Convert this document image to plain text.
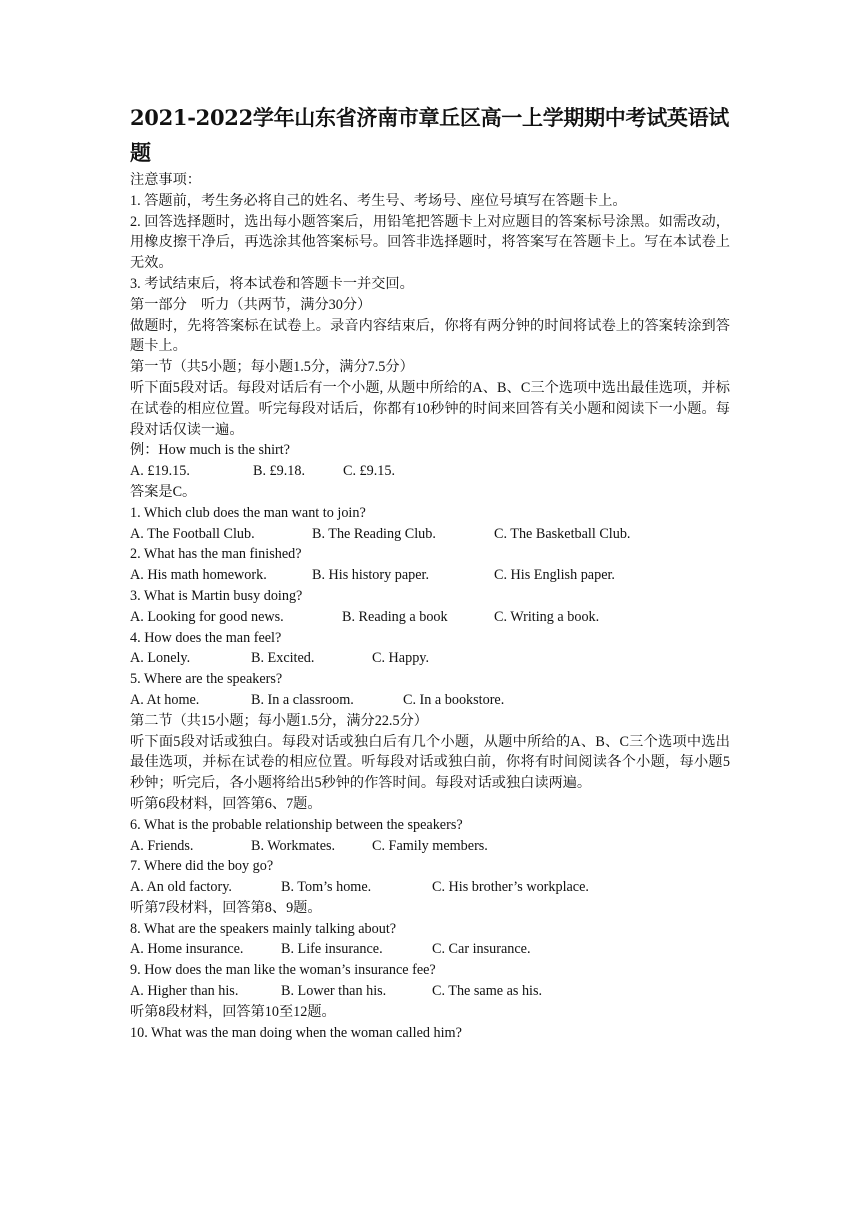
2021-2022学年山东省济南市章丘区高一上学期期中考试英语试题
注意事项：
1. 答题前，考生务必将自己的姓名、考生号、考场号、座位号填写在答题卡上。
2. 回答选择题时，选出每小题答案后，用铅笔把答题卡上对应题目的答案标号涂黑。如需改动，用橡皮擦干净后，再选涂其他答案标号。回答非选择题时，将答案写在答题卡上。写在本试卷上无效。
3. 考试结束后，将本试卷和答题卡一并交回。
第一部分　听力（共两节，满分30分）
做题时，先将答案标在试卷上。录音内容结束后，你将有两分钟的时间将试卷上的答案转涂到答题卡上。
第一节（共5小题；每小题1.5分，满分7.5分）
听下面5段对话。每段对话后有一个小题, 从题中所给的A、B、C三个选项中选出最佳选项，并标在试卷的相应位置。听完每段对话后，你都有10秒钟的时间来回答有关小题和阅读下一小题。每段对话仅读一遍。
例：How much is the shirt?
A. £19.15.	B. £9.18.	C. £9.15.
答案是C。
1. Which club does the man want to join?
A. The Football Club.	B. The Reading Club.	C. The Basketball Club.
2. What has the man finished?
A. His math homework.	B. His history paper.	C. His English paper.
3. What is Martin busy doing?
A. Looking for good news.	B. Reading a book	C. Writing a book.
4. How does the man feel?
A. Lonely.	B. Excited.	C. Happy.
5. Where are the speakers?
A. At home.	B. In a classroom.	C. In a bookstore.
第二节（共15小题；每小题1.5分，满分22.5分）
听下面5段对话或独白。每段对话或独白后有几个小题，从题中所给的A、B、C三个选项中选出最佳选项，并标在试卷的相应位置。听每段对话或独白前，你将有时间阅读各个小题，每小题5秒钟；听完后，各小题将给出5秒钟的作答时间。每段对话或独白读两遍。
听第6段材料，回答第6、7题。
6. What is the probable relationship between the speakers?
A. Friends.	B. Workmates.	C. Family members.
7. Where did the boy go?
A. An old factory.	B. Tom’s home.	C. His brother’s workplace.
听第7段材料，回答第8、9题。
8. What are the speakers mainly talking about?
A. Home insurance.	B. Life insurance.	C. Car insurance.
9. How does the man like the woman’s insurance fee?
A. Higher than his.	B. Lower than his.	C. The same as his.
听第8段材料，回答第10至12题。
10. What was the man doing when the woman called him?
